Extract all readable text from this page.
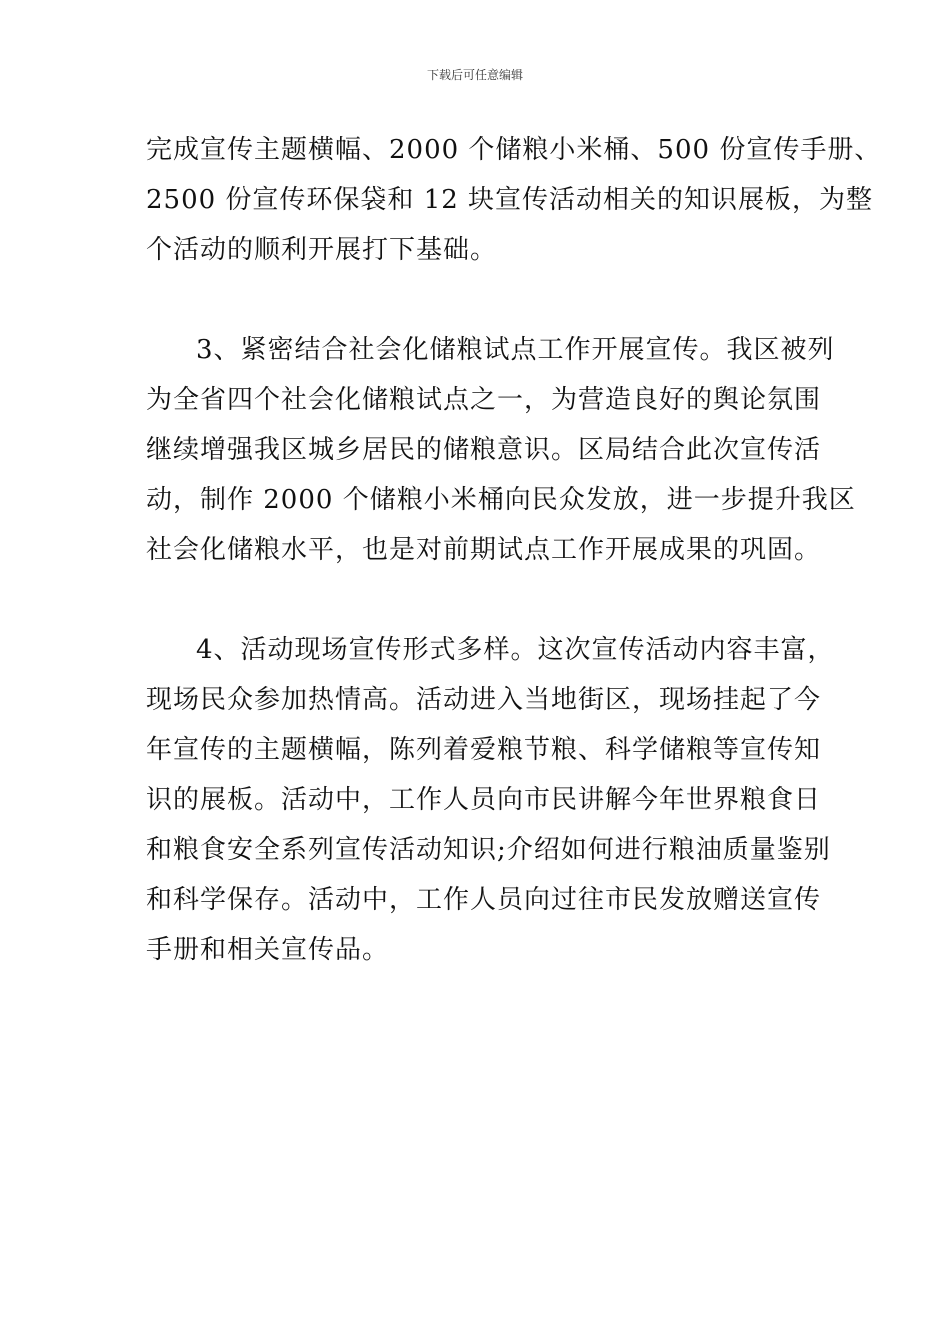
下载后可任意编辑
完成宣传主题横幅、2000 个储粮小米桶、500 份宣传手册、
2500 份宣传环保袋和 12 块宣传活动相关的知识展板，为整
个活动的顺利开展打下基础。
3、紧密结合社会化储粮试点工作开展宣传。我区被列
为全省四个社会化储粮试点之一，为营造良好的舆论氛围
继续增强我区城乡居民的储粮意识。区局结合此次宣传活
动，制作 2000 个储粮小米桶向民众发放，进一步提升我区
社会化储粮水平，也是对前期试点工作开展成果的巩固。
4、活动现场宣传形式多样。这次宣传活动内容丰富，
现场民众参加热情高。活动进入当地街区，现场挂起了今
年宣传的主题横幅，陈列着爱粮节粮、科学储粮等宣传知
识的展板。活动中，工作人员向市民讲解今年世界粮食日
和粮食安全系列宣传活动知识;介绍如何进行粮油质量鉴别
和科学保存。活动中，工作人员向过往市民发放赠送宣传
手册和相关宣传品。
